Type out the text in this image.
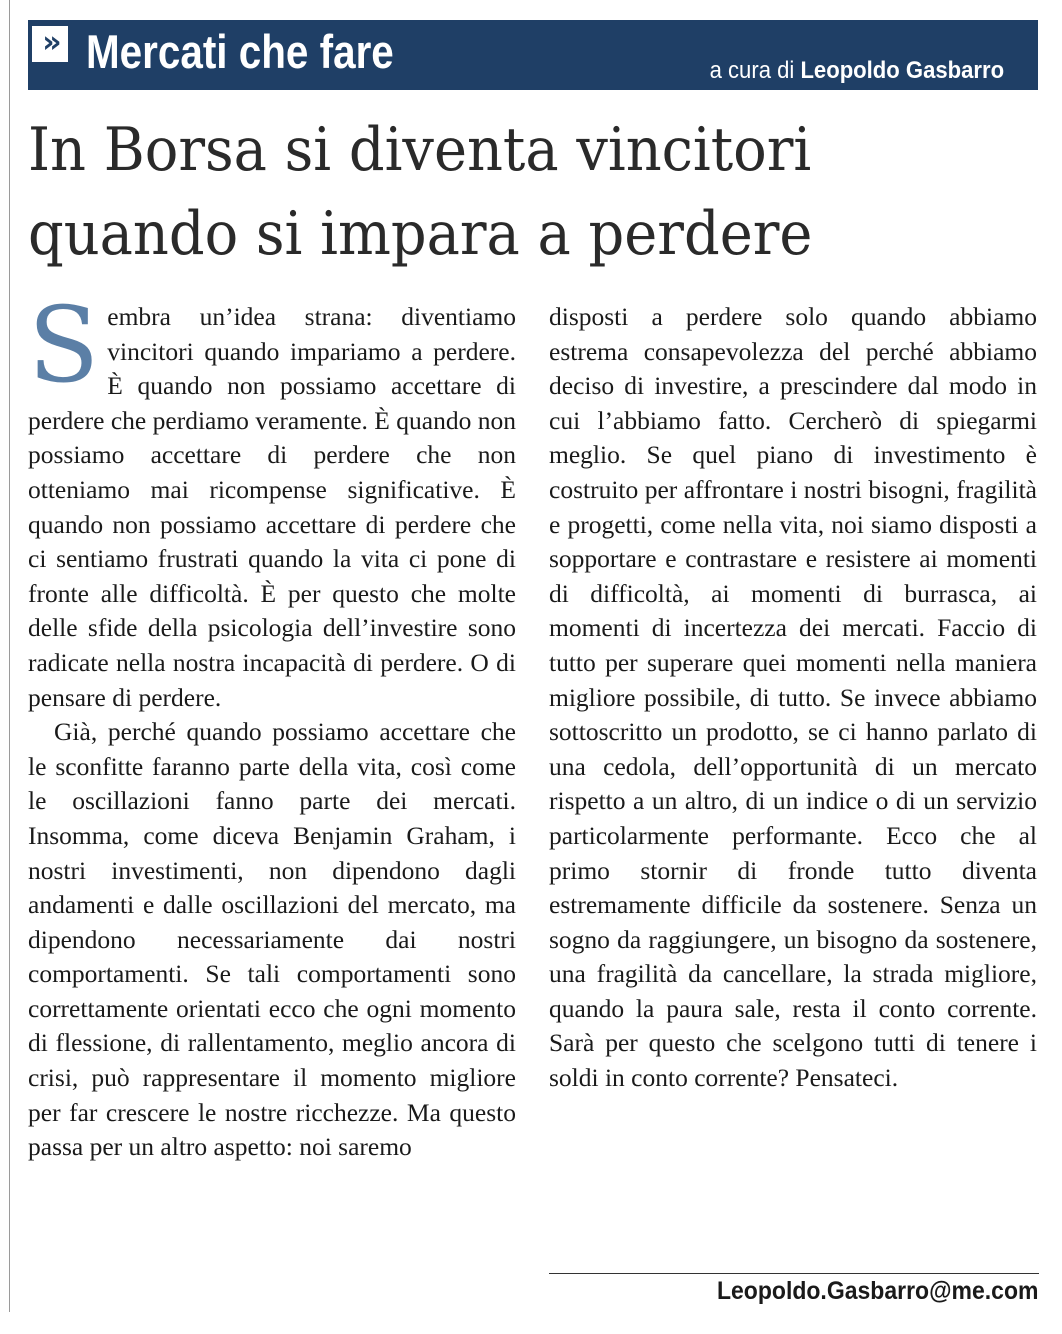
» Mercati che fare	a cura di Leopoldo Gasbarro
In Borsa si diventa vincitori quando si impara a perdere

Sembra un’idea strana: diventiamo vincitori quando impariamo a perdere. È quando non possiamo accettare di perdere che perdiamo veramente. È quando non possiamo accettare di perdere che non otteniamo mai ricompense significative. È quando non possiamo accettare di perdere che ci sentiamo frustrati quando la vita ci pone di fronte alle difficoltà. È per questo che molte delle sfide della psicologia dell’investire sono radicate nella nostra incapacità di perdere. O di pensare di perdere.

Già, perché quando possiamo accettare che le sconfitte faranno parte della vita, così come le oscillazioni fanno parte dei mercati. Insomma, come diceva Benjamin Graham, i nostri investimenti, non dipendono dagli andamenti e dalle oscillazioni del mercato, ma dipendono necessariamente dai nostri comportamenti. Se tali comportamenti sono correttamente orientati ecco che ogni momento di flessione, di rallentamento, meglio ancora di crisi, può rappresentare il momento migliore per far crescere le nostre ricchezze. Ma questo passa per un altro aspetto: noi saremo

disposti a perdere solo quando abbiamo estrema consapevolezza del perché abbiamo deciso di investire, a prescindere dal modo in cui l’abbiamo fatto. Cercherò di spiegarmi meglio. Se quel piano di investimento è costruito per affrontare i nostri bisogni, fragilità e progetti, come nella vita, noi siamo disposti a sopportare e contrastare e resistere ai momenti di difficoltà, ai momenti di burrasca, ai momenti di incertezza dei mercati. Faccio di tutto per superare quei momenti nella maniera migliore possibile, di tutto. Se invece abbiamo sottoscritto un prodotto, se ci hanno parlato di una cedola, dell’opportunità di un mercato rispetto a un altro, di un indice o di un servizio particolarmente performante. Ecco che al primo stornir di fronde tutto diventa estremamente difficile da sostenere. Senza un sogno da raggiungere, un bisogno da sostenere, una fragilità da cancellare, la strada migliore, quando la paura sale, resta il conto corrente. Sarà per questo che scelgono tutti di tenere i soldi in conto corrente? Pensateci.

Leopoldo.Gasbarro@me.com
